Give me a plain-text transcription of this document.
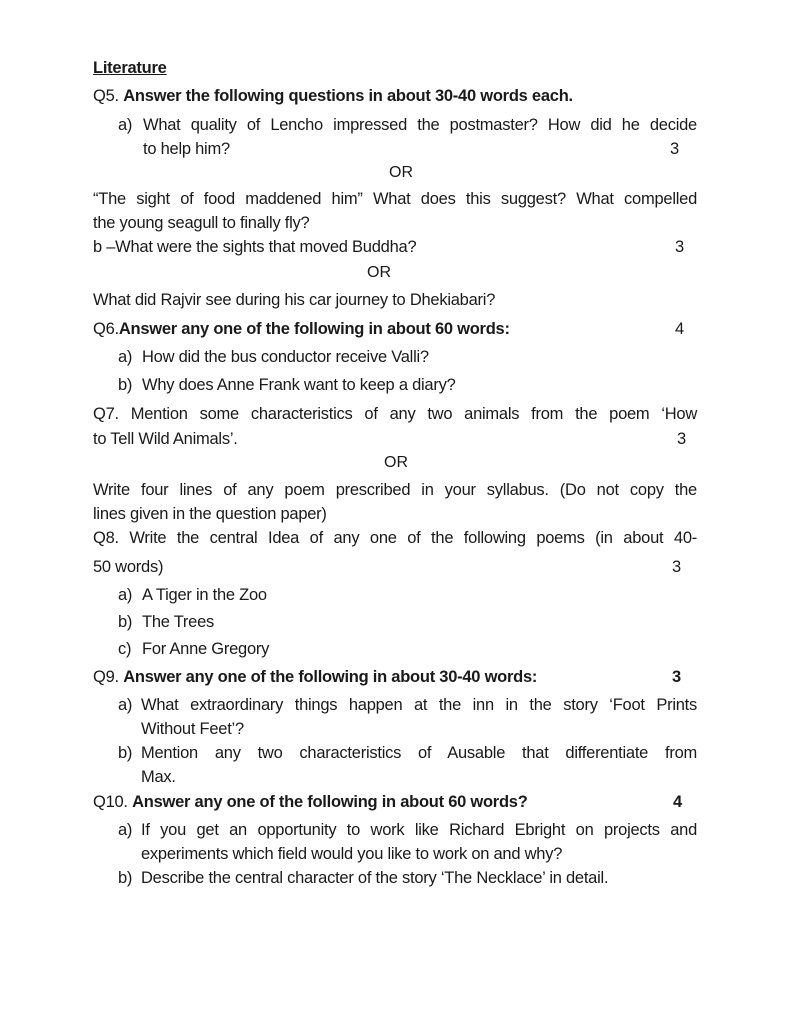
Literature
Q5. Answer the following questions in about 30-40 words each.
a) What quality of Lencho impressed the postmaster? How did he decide
to help him?	3
OR
“The sight of food maddened him” What does this suggest? What compelled
the young seagull to finally fly?
b –What were the sights that moved Buddha?	3
OR
What did Rajvir see during his car journey to Dhekiabari?
Q6.Answer any one of the following in about 60 words:	4
a) How did the bus conductor receive Valli?
b) Why does Anne Frank want to keep a diary?
Q7. Mention some characteristics of any two animals from the poem ‘How
to Tell Wild Animals’.	3
OR
Write four lines of any poem prescribed in your syllabus. (Do not copy the
lines given in the question paper)
Q8. Write the central Idea of any one of the following poems (in about 40-
50 words)	3
a) A Tiger in the Zoo
b) The Trees
c) For Anne Gregory
Q9. Answer any one of the following in about 30-40 words:	3
a) What extraordinary things happen at the inn in the story ‘Foot Prints
Without Feet’?
b) Mention any two characteristics of Ausable that differentiate from
Max.
Q10. Answer any one of the following in about 60 words?	4
a) If you get an opportunity to work like Richard Ebright on projects and
experiments which field would you like to work on and why?
b) Describe the central character of the story ‘The Necklace’ in detail.
